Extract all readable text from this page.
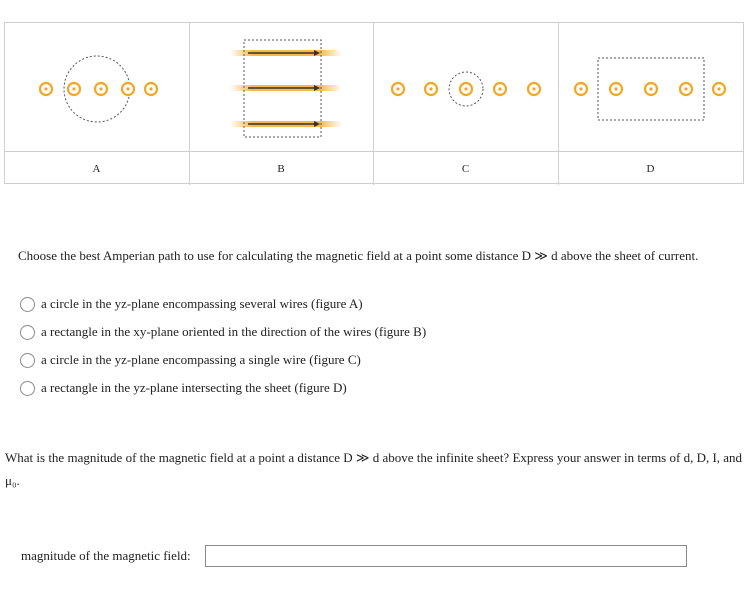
A	B	C	D
Choose the best Amperian path to use for calculating the magnetic field at a point some distance D ≫ d above the sheet of current.
a circle in the yz-plane encompassing several wires (figure A)
a rectangle in the xy-plane oriented in the direction of the wires (figure B)
a circle in the yz-plane encompassing a single wire (figure C)
a rectangle in the yz-plane intersecting the sheet (figure D)
What is the magnitude of the magnetic field at a point a distance D ≫ d above the infinite sheet? Express your answer in terms of d, D, I, and μ₀.
magnitude of the magnetic field:
